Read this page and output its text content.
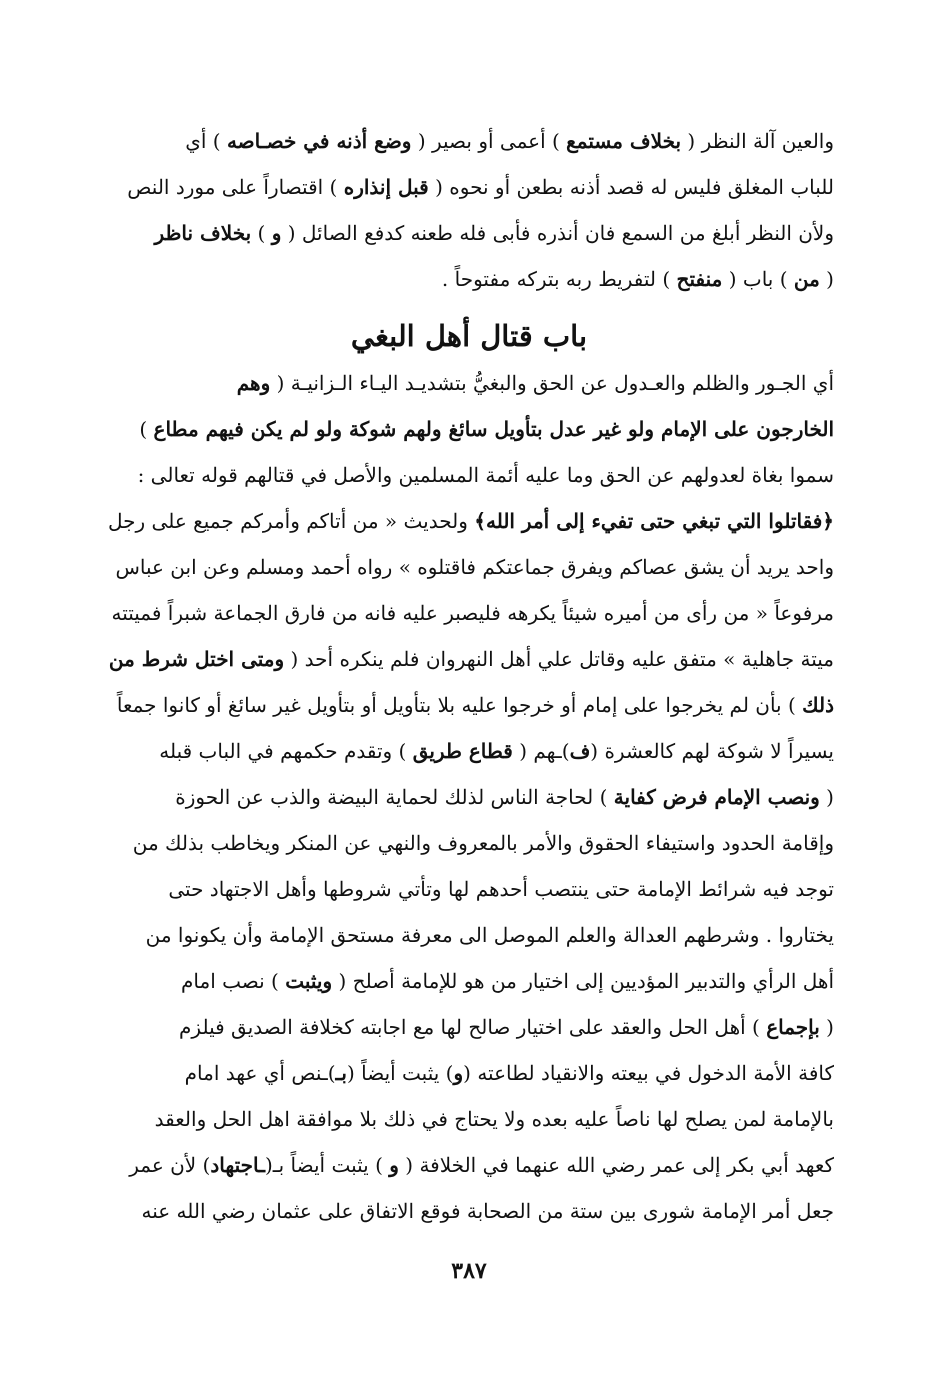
والعين آلة النظر ( بخلاف مستمع ) أعمى أو بصير ( وضع أذنه في خصـاصه ) أي
للباب المغلق فليس له قصد أذنه بطعن أو نحوه ( قبل إنذاره ) اقتصاراً على مورد النص
ولأن النظر أبلغ من السمع فان أنذره فأبى فله طعنه كدفع الصائل ( و ) بخلاف ناظر
( من ) باب ( منفتح ) لتفريط ربه بتركه مفتوحاً .
باب قتال أهل البغي
أي الجـور والظلم والعـدول عن الحق والبغيُّ بتشديـد اليـاء الـزانيـة ( وهم
الخارجون على الإمام ولو غير عدل بتأويل سائغ ولهم شوكة ولو لم يكن فيهم مطاع )
سموا بغاة لعدولهم عن الحق وما عليه أئمة المسلمين والأصل في قتالهم قوله تعالى :
﴿فقاتلوا التي تبغي حتى تفيء إلى أمر الله﴾ ولحديث « من أتاكم وأمركم جميع على رجل
واحد يريد أن يشق عصاكم ويفرق جماعتكم فاقتلوه » رواه أحمد ومسلم وعن ابن عباس
مرفوعاً « من رأى من أميره شيئاً يكرهه فليصبر عليه فانه من فارق الجماعة شبراً فميتته
ميتة جاهلية » متفق عليه وقاتل علي أهل النهروان فلم ينكره أحد ( ومتى اختل شرط من
ذلك ) بأن لم يخرجوا على إمام أو خرجوا عليه بلا بتأويل أو بتأويل غير سائغ أو كانوا جمعاً
يسيراً لا شوكة لهم كالعشرة (ف)ـهم ( قطاع طريق ) وتقدم حكمهم في الباب قبله
( ونصب الإمام فرض كفاية ) لحاجة الناس لذلك لحماية البيضة والذب عن الحوزة
وإقامة الحدود واستيفاء الحقوق والأمر بالمعروف والنهي عن المنكر ويخاطب بذلك من
توجد فيه شرائط الإمامة حتى ينتصب أحدهم لها وتأتي شروطها وأهل الاجتهاد حتى
يختاروا . وشرطهم العدالة والعلم الموصل الى معرفة مستحق الإمامة وأن يكونوا من
أهل الرأي والتدبير المؤديين إلى اختيار من هو للإمامة أصلح ( ويثبت ) نصب امام
( بإجماع ) أهل الحل والعقد على اختيار صالح لها مع اجابته كخلافة الصديق فيلزم
كافة الأمة الدخول في بيعته والانقياد لطاعته (و) يثبت أيضاً (بـ)ـنص أي عهد امام
بالإمامة لمن يصلح لها ناصاً عليه بعده ولا يحتاج في ذلك بلا موافقة اهل الحل والعقد
كعهد أبي بكر إلى عمر رضي الله عنهما في الخلافة ( و ) يثبت أيضاً بـ(ـاجتهاد) لأن عمر
جعل أمر الإمامة شورى بين ستة من الصحابة فوقع الاتفاق على عثمان رضي الله عنه
٣٨٧
